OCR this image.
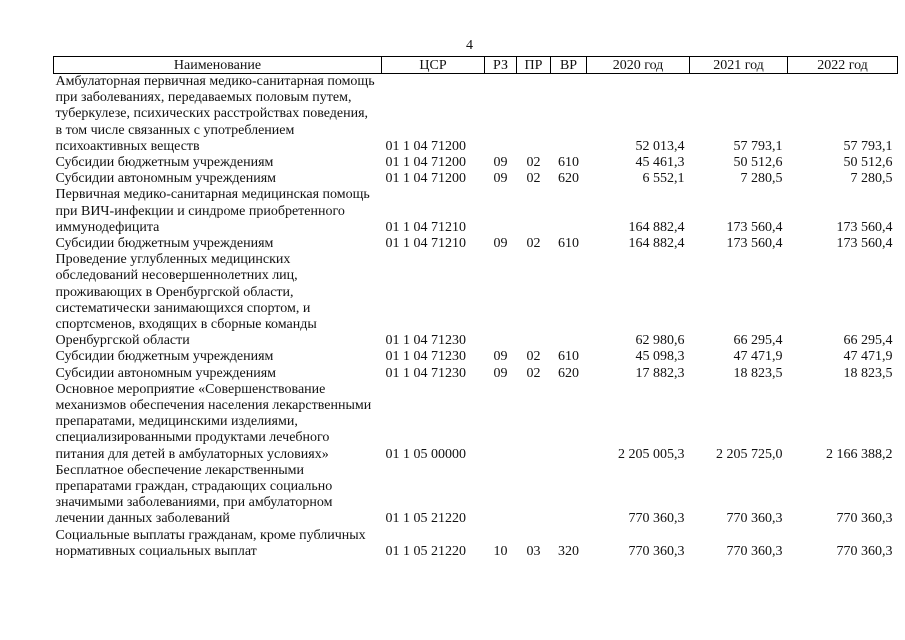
4
Наименование	ЦСР	РЗ	ПР	ВР	2020 год	2021 год	2022 год
Амбулаторная первичная медико-санитарная помощь при заболеваниях, передаваемых половым путем, туберкулезе, психических расстройствах поведения, в том числе связанных с употреблением психоактивных веществ	01 1 04 71200				52 013,4	57 793,1	57 793,1
Субсидии бюджетным учреждениям	01 1 04 71200	09	02	610	45 461,3	50 512,6	50 512,6
Субсидии автономным учреждениям	01 1 04 71200	09	02	620	6 552,1	7 280,5	7 280,5
Первичная медико-санитарная медицинская помощь при ВИЧ-инфекции и синдроме приобретенного иммунодефицита	01 1 04 71210				164 882,4	173 560,4	173 560,4
Субсидии бюджетным учреждениям	01 1 04 71210	09	02	610	164 882,4	173 560,4	173 560,4
Проведение углубленных медицинских обследований несовершеннолетних лиц, проживающих в Оренбургской области, систематически занимающихся спортом, и спортсменов, входящих в сборные команды Оренбургской области	01 1 04 71230				62 980,6	66 295,4	66 295,4
Субсидии бюджетным учреждениям	01 1 04 71230	09	02	610	45 098,3	47 471,9	47 471,9
Субсидии автономным учреждениям	01 1 04 71230	09	02	620	17 882,3	18 823,5	18 823,5
Основное мероприятие «Совершенствование механизмов обеспечения населения лекарственными препаратами, медицинскими изделиями, специализированными продуктами лечебного питания для детей в амбулаторных условиях»	01 1 05 00000				2 205 005,3	2 205 725,0	2 166 388,2
Бесплатное обеспечение лекарственными препаратами граждан, страдающих социально значимыми заболеваниями, при амбулаторном лечении данных заболеваний	01 1 05 21220				770 360,3	770 360,3	770 360,3
Социальные выплаты гражданам, кроме публичных нормативных социальных выплат	01 1 05 21220	10	03	320	770 360,3	770 360,3	770 360,3
